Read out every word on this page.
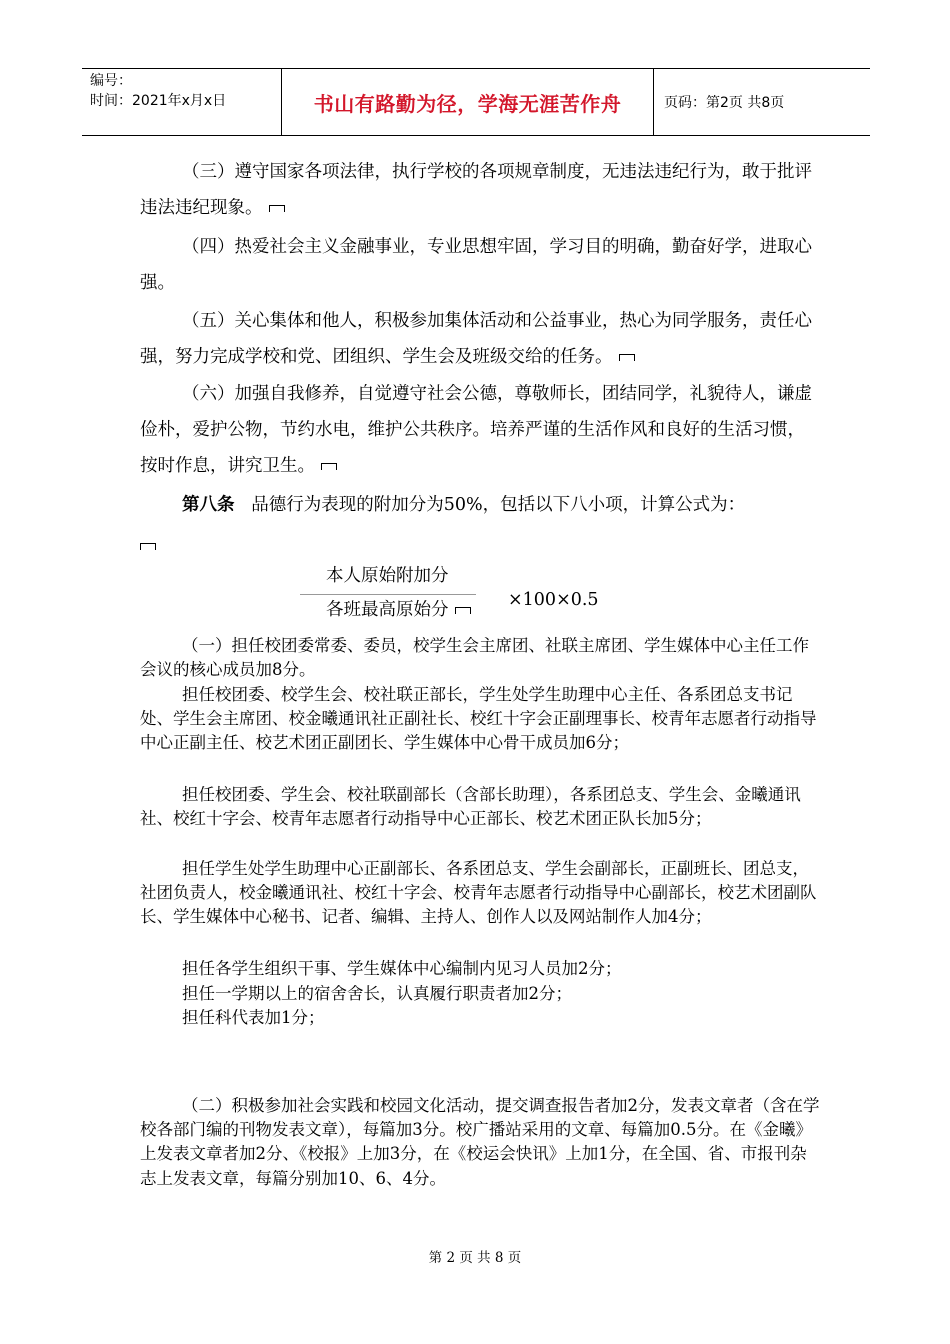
编号：
时间：2021年x月x日	书山有路勤为径，学海无涯苦作舟	页码：第2页 共8页

（三）遵守国家各项法律，执行学校的各项规章制度，无违法违纪行为，敢于批评违法违纪现象。

（四）热爱社会主义金融事业，专业思想牢固，学习目的明确，勤奋好学，进取心强。

（五）关心集体和他人，积极参加集体活动和公益事业，热心为同学服务，责任心强，努力完成学校和党、团组织、学生会及班级交给的任务。

（六）加强自我修养，自觉遵守社会公德，尊敬师长，团结同学，礼貌待人，谦虚俭朴，爱护公物，节约水电，维护公共秩序。培养严谨的生活作风和良好的生活习惯，按时作息，讲究卫生。

第八条 品德行为表现的附加分为50%，包括以下八小项，计算公式为：

本人原始附加分
各班最高原始分	×100×0.5

（一）担任校团委常委、委员，校学生会主席团、社联主席团、学生媒体中心主任工作会议的核心成员加8分。

担任校团委、校学生会、校社联正部长，学生处学生助理中心主任、各系团总支书记处、学生会主席团、校金曦通讯社正副社长、校红十字会正副理事长、校青年志愿者行动指导中心正副主任、校艺术团正副团长、学生媒体中心骨干成员加6分；

担任校团委、学生会、校社联副部长（含部长助理），各系团总支、学生会、金曦通讯社、校红十字会、校青年志愿者行动指导中心正部长、校艺术团正队长加5分；

担任学生处学生助理中心正副部长、各系团总支、学生会副部长，正副班长、团总支，社团负责人，校金曦通讯社、校红十字会、校青年志愿者行动指导中心副部长，校艺术团副队长、学生媒体中心秘书、记者、编辑、主持人、创作人以及网站制作人加4分；

担任各学生组织干事、学生媒体中心编制内见习人员加2分；

担任一学期以上的宿舍舍长，认真履行职责者加2分；

担任科代表加1分；

（二）积极参加社会实践和校园文化活动，提交调查报告者加2分，发表文章者（含在学校各部门编的刊物发表文章），每篇加3分。校广播站采用的文章、每篇加0.5分。在《金曦》上发表文章者加2分、《校报》上加3分，在《校运会快讯》上加1分，在全国、省、市报刊杂志上发表文章，每篇分别加10、6、4分。

第 2 页 共 8 页
